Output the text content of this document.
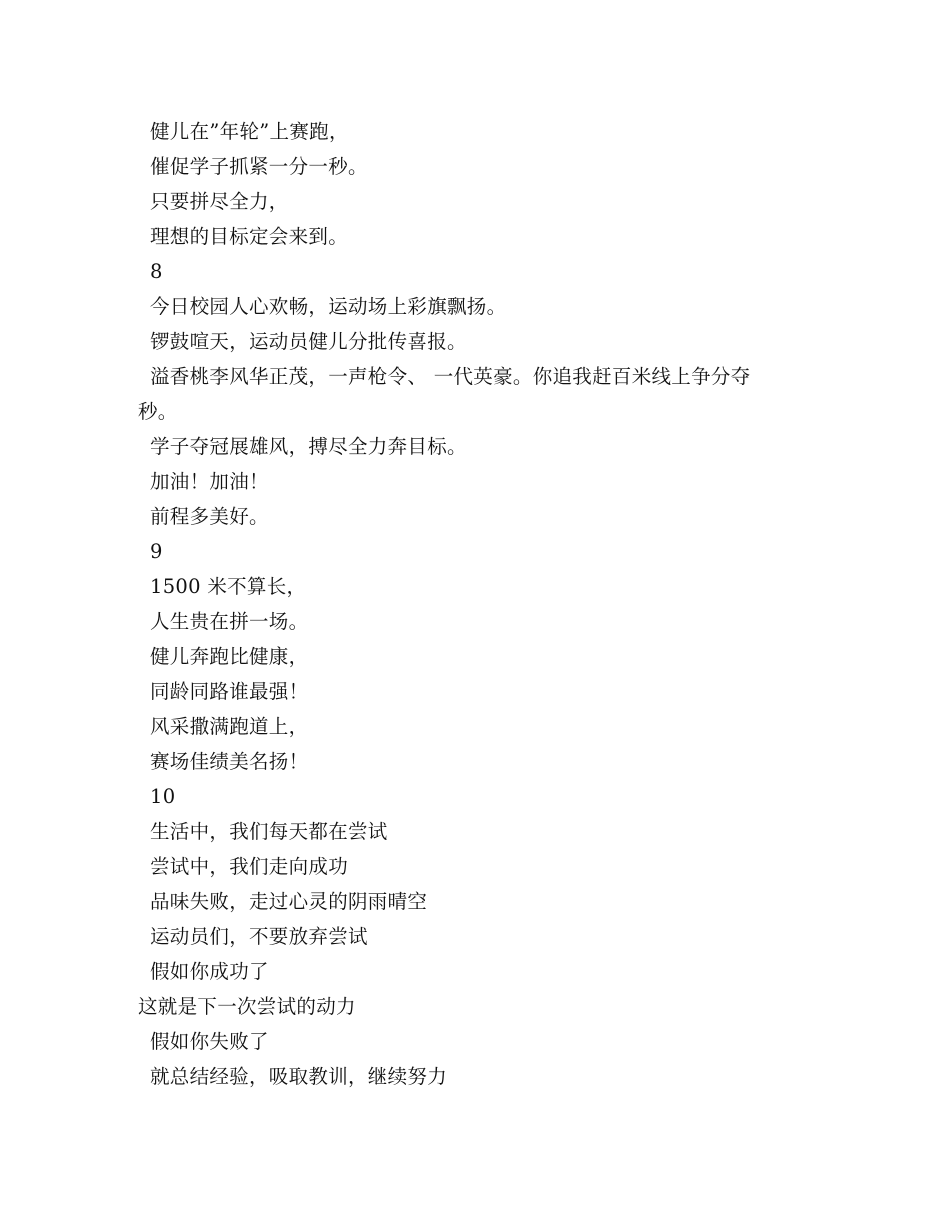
健儿在”年轮”上赛跑，
催促学子抓紧一分一秒。
只要拼尽全力，
理想的目标定会来到。
8
今日校园人心欢畅，运动场上彩旗飘扬。
锣鼓喧天，运动员健儿分批传喜报。
溢香桃李风华正茂，一声枪令、 一代英豪。你追我赶百米线上争分夺
秒。
学子夺冠展雄风，搏尽全力奔目标。
加油！加油！
前程多美好。
9
1500 米不算长，
人生贵在拼一场。
健儿奔跑比健康，
同龄同路谁最强！
风采撒满跑道上，
赛场佳绩美名扬！
10
生活中，我们每天都在尝试
尝试中，我们走向成功
品味失败，走过心灵的阴雨晴空
运动员们，不要放弃尝试
假如你成功了
这就是下一次尝试的动力
假如你失败了
就总结经验，吸取教训，继续努力
